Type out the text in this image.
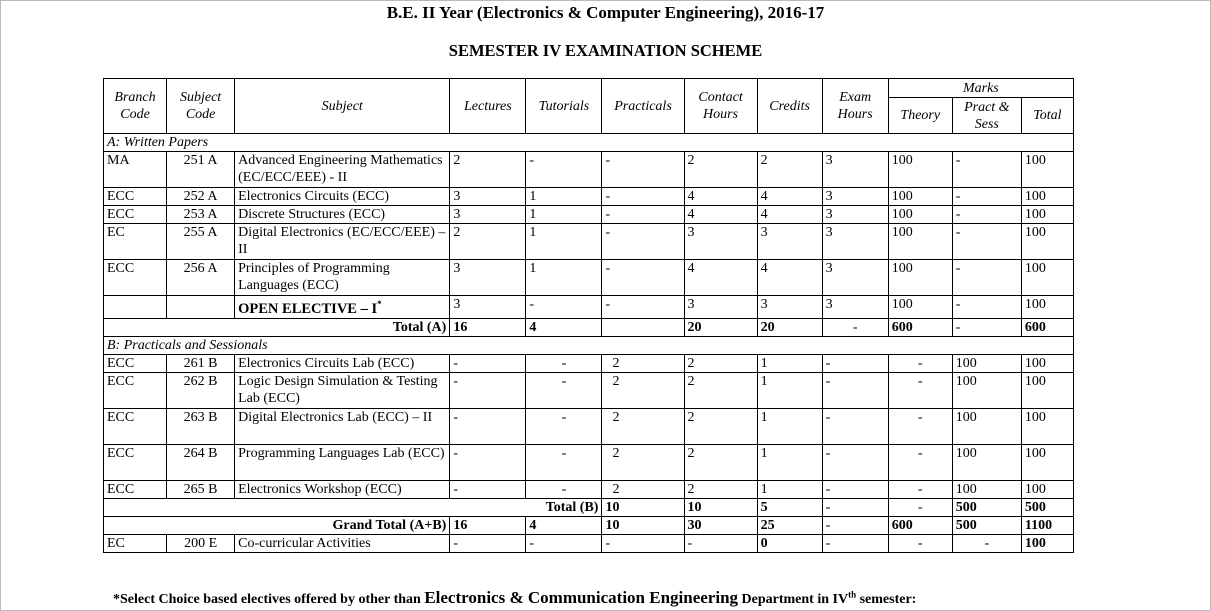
B.E. II Year (Electronics & Computer Engineering), 2016-17
SEMESTER IV EXAMINATION SCHEME
Branch Code	Subject Code	Subject	Lectures	Tutorials	Practicals	Contact Hours	Credits	Exam Hours	Marks		
									Theory	Pract & Sess	Total
A: Written Papers											
MA	251 A	Advanced Engineering Mathematics (EC/ECC/EEE) - II	2	-	-	2	2	3	100	-	100
ECC	252 A	Electronics Circuits (ECC)	3	1	-	4	4	3	100	-	100
ECC	253 A	Discrete Structures (ECC)	3	1	-	4	4	3	100	-	100
EC	255 A	Digital Electronics (EC/ECC/EEE) – II	2	1	-	3	3	3	100	-	100
ECC	256 A	Principles of Programming Languages (ECC)	3	1	-	4	4	3	100	-	100
		OPEN ELECTIVE – I*	3	-	-	3	3	3	100	-	100
Total (A)			16	4		20	20	-	600	-	600
B: Practicals and Sessionals											
ECC	261 B	Electronics Circuits Lab (ECC)	-	-	2	2	1	-	-	100	100
ECC	262 B	Logic Design Simulation & Testing Lab (ECC)	-	-	2	2	1	-	-	100	100
ECC	263 B	Digital Electronics Lab (ECC) – II	-	-	2	2	1	-	-	100	100
ECC	264 B	Programming Languages Lab (ECC)	-	-	2	2	1	-	-	100	100
ECC	265 B	Electronics Workshop (ECC)	-	-	2	2	1	-	-	100	100
Total (B)					10	10	5	-	-	500	500
Grand Total (A+B)			16	4	10	30	25	-	600	500	1100
EC	200 E	Co-curricular Activities	-	-	-	-	0	-	-	-	100
*Select Choice based electives offered by other than Electronics & Communication Engineering Department in IVth semester:
